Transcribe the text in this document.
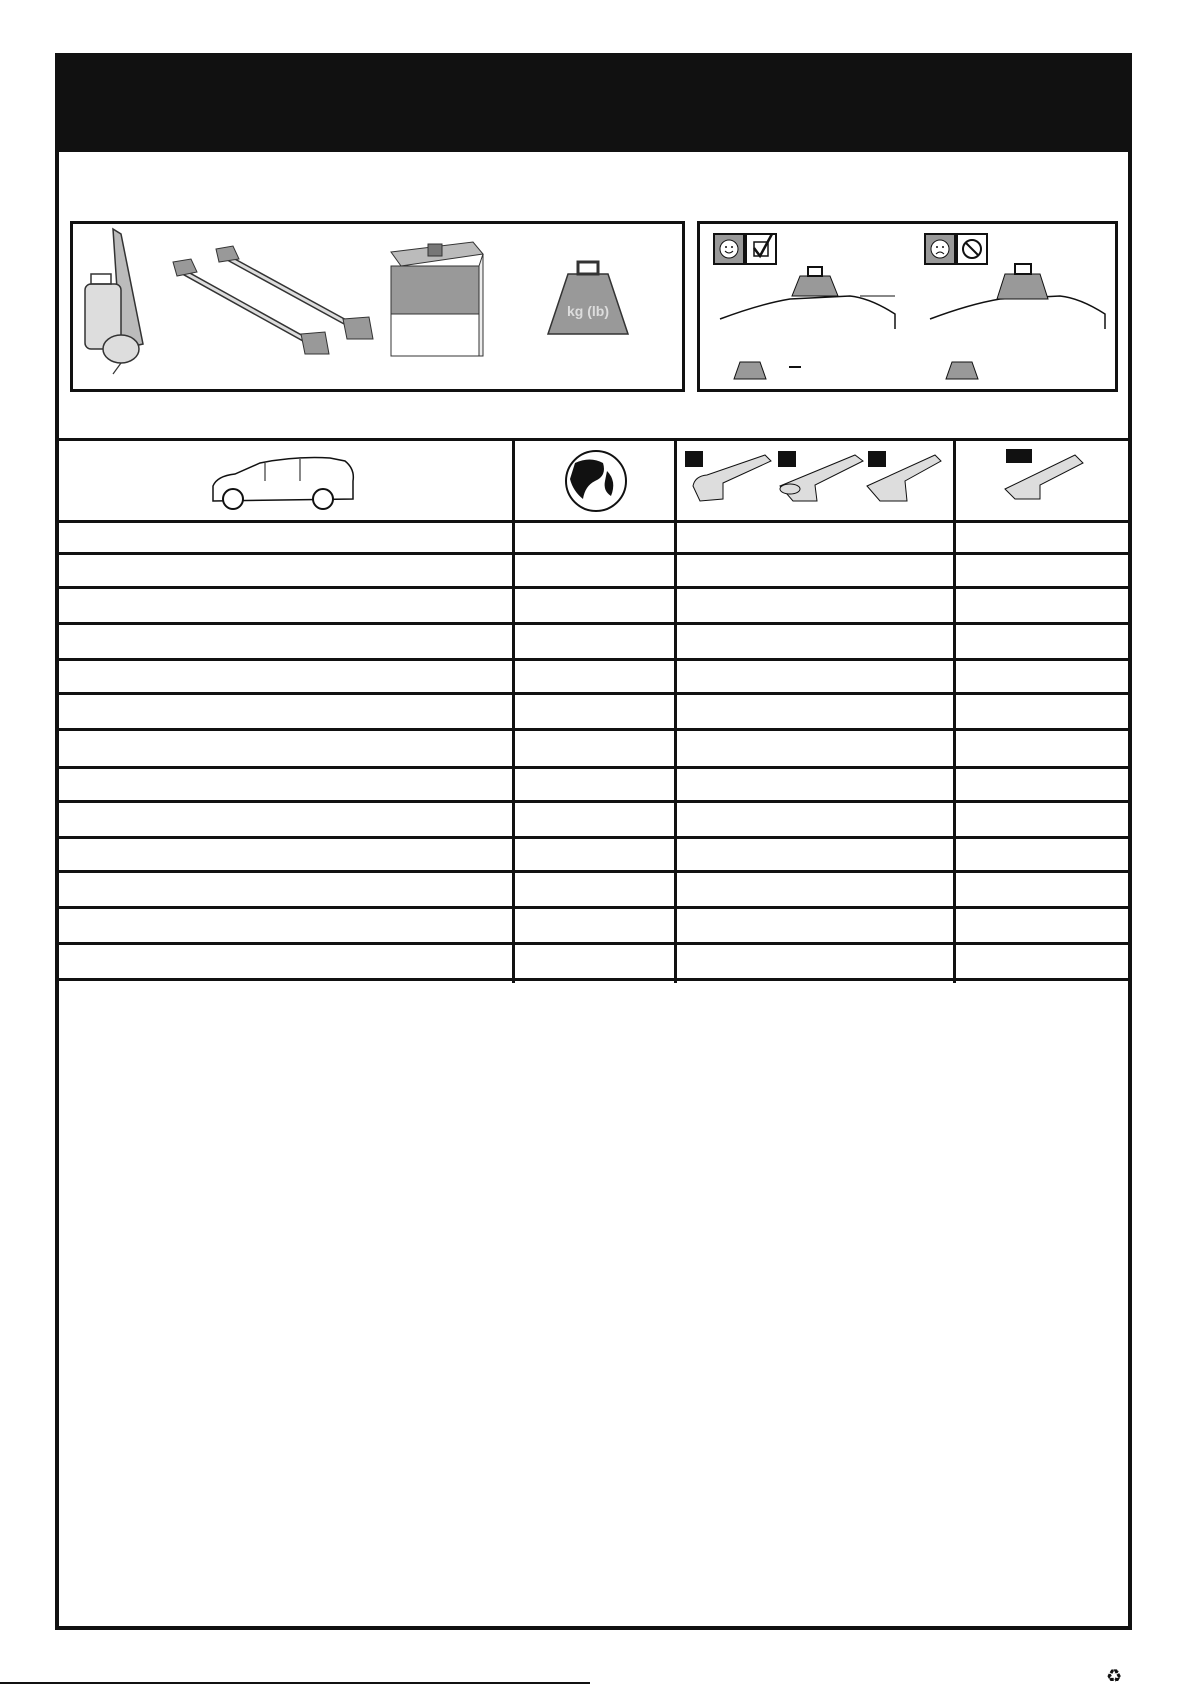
kg (lb)
♻
